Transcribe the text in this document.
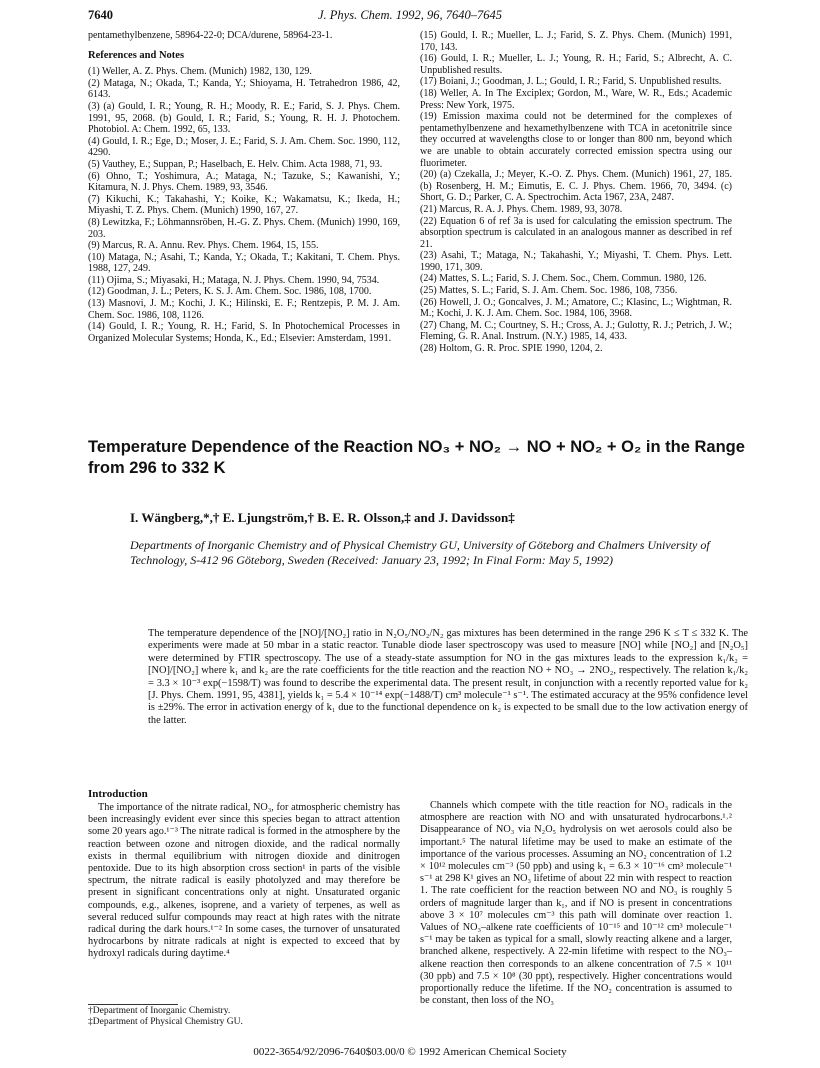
7640	J. Phys. Chem. 1992, 96, 7640–7645

pentamethylbenzene, 58964-22-0; DCA/durene, 58964-23-1.

References and Notes

(1) Weller, A. Z. Phys. Chem. (Munich) 1982, 130, 129.

(2) Mataga, N.; Okada, T.; Kanda, Y.; Shioyama, H. Tetrahedron 1986, 42, 6143.

(3) (a) Gould, I. R.; Young, R. H.; Moody, R. E.; Farid, S. J. Phys. Chem. 1991, 95, 2068. (b) Gould, I. R.; Farid, S.; Young, R. H. J. Photochem. Photobiol. A: Chem. 1992, 65, 133.

(4) Gould, I. R.; Ege, D.; Moser, J. E.; Farid, S. J. Am. Chem. Soc. 1990, 112, 4290.

(5) Vauthey, E.; Suppan, P.; Haselbach, E. Helv. Chim. Acta 1988, 71, 93.

(6) Ohno, T.; Yoshimura, A.; Mataga, N.; Tazuke, S.; Kawanishi, Y.; Kitamura, N. J. Phys. Chem. 1989, 93, 3546.

(7) Kikuchi, K.; Takahashi, Y.; Koike, K.; Wakamatsu, K.; Ikeda, H.; Miyashi, T. Z. Phys. Chem. (Munich) 1990, 167, 27.

(8) Lewitzka, F.; Löhmannsröben, H.-G. Z. Phys. Chem. (Munich) 1990, 169, 203.

(9) Marcus, R. A. Annu. Rev. Phys. Chem. 1964, 15, 155.

(10) Mataga, N.; Asahi, T.; Kanda, Y.; Okada, T.; Kakitani, T. Chem. Phys. 1988, 127, 249.

(11) Ojima, S.; Miyasaki, H.; Mataga, N. J. Phys. Chem. 1990, 94, 7534.

(12) Goodman, J. L.; Peters, K. S. J. Am. Chem. Soc. 1986, 108, 1700.

(13) Masnovi, J. M.; Kochi, J. K.; Hilinski, E. F.; Rentzepis, P. M. J. Am. Chem. Soc. 1986, 108, 1126.

(14) Gould, I. R.; Young, R. H.; Farid, S. In Photochemical Processes in Organized Molecular Systems; Honda, K., Ed.; Elsevier: Amsterdam, 1991.

(15) Gould, I. R.; Mueller, L. J.; Farid, S. Z. Phys. Chem. (Munich) 1991, 170, 143.

(16) Gould, I. R.; Mueller, L. J.; Young, R. H.; Farid, S.; Albrecht, A. C. Unpublished results.

(17) Boiani, J.; Goodman, J. L.; Gould, I. R.; Farid, S. Unpublished results.

(18) Weller, A. In The Exciplex; Gordon, M., Ware, W. R., Eds.; Academic Press: New York, 1975.

(19) Emission maxima could not be determined for the complexes of pentamethylbenzene and hexamethylbenzene with TCA in acetonitrile since they occurred at wavelengths close to or longer than 800 nm, beyond which we are unable to obtain accurately corrected emission spectra using our fluorimeter.

(20) (a) Czekalla, J.; Meyer, K.-O. Z. Phys. Chem. (Munich) 1961, 27, 185. (b) Rosenberg, H. M.; Eimutis, E. C. J. Phys. Chem. 1966, 70, 3494. (c) Short, G. D.; Parker, C. A. Spectrochim. Acta 1967, 23A, 2487.

(21) Marcus, R. A. J. Phys. Chem. 1989, 93, 3078.

(22) Equation 6 of ref 3a is used for calculating the emission spectrum. The absorption spectrum is calculated in an analogous manner as described in ref 21.

(23) Asahi, T.; Mataga, N.; Takahashi, Y.; Miyashi, T. Chem. Phys. Lett. 1990, 171, 309.

(24) Mattes, S. L.; Farid, S. J. Chem. Soc., Chem. Commun. 1980, 126.

(25) Mattes, S. L.; Farid, S. J. Am. Chem. Soc. 1986, 108, 7356.

(26) Howell, J. O.; Goncalves, J. M.; Amatore, C.; Klasinc, L.; Wightman, R. M.; Kochi, J. K. J. Am. Chem. Soc. 1984, 106, 3968.

(27) Chang, M. C.; Courtney, S. H.; Cross, A. J.; Gulotty, R. J.; Petrich, J. W.; Fleming, G. R. Anal. Instrum. (N.Y.) 1985, 14, 433.

(28) Holtom, G. R. Proc. SPIE 1990, 1204, 2.

Temperature Dependence of the Reaction NO₃ + NO₂ → NO + NO₂ + O₂ in the Range from 296 to 332 K
I. Wängberg,*,† E. Ljungström,† B. E. R. Olsson,‡ and J. Davidsson‡
Departments of Inorganic Chemistry and of Physical Chemistry GU, University of Göteborg and Chalmers University of Technology, S-412 96 Göteborg, Sweden (Received: January 23, 1992; In Final Form: May 5, 1992)
The temperature dependence of the [NO]/[NO₂] ratio in N₂O₅/NO₂/N₂ gas mixtures has been determined in the range 296 K ≤ T ≤ 332 K. The experiments were made at 50 mbar in a static reactor. Tunable diode laser spectroscopy was used to measure [NO] while [NO₂] and [N₂O₅] were determined by FTIR spectroscopy. The use of a steady-state assumption for NO in the gas mixtures leads to the expression k₁/k₂ = [NO]/[NO₂] where k₁ and k₂ are the rate coefficients for the title reaction and the reaction NO + NO₃ → 2NO₂, respectively. The relation k₁/k₂ = 3.3 × 10⁻³ exp(−1598/T) was found to describe the experimental data. The present result, in conjunction with a recently reported value for k₂ [J. Phys. Chem. 1991, 95, 4381], yields k₁ = 5.4 × 10⁻¹⁴ exp(−1488/T) cm³ molecule⁻¹ s⁻¹. The estimated accuracy at the 95% confidence level is ±29%. The error in activation energy of k₁ due to the functional dependence on k₂ is expected to be small due to the low activation energy of the latter.
Introduction

The importance of the nitrate radical, NO₃, for atmospheric chemistry has been increasingly evident ever since this species began to attract attention some 20 years ago.¹⁻³ The nitrate radical is formed in the atmosphere by the reaction between ozone and nitrogen dioxide, and the radical normally exists in thermal equilibrium with nitrogen dioxide and dinitrogen pentoxide. Due to its high absorption cross section¹ in parts of the visible spectrum, the nitrate radical is easily photolyzed and may therefore be present in significant concentrations only at night. Unsaturated organic compounds, e.g., alkenes, isoprene, and a variety of terpenes, as well as several reduced sulfur compounds may react at high rates with the nitrate radical during the dark hours.¹⁻² In some cases, the turnover of unsaturated hydrocarbons by nitrate radicals at night is expected to exceed that by hydroxyl radicals during daytime.⁴

†Department of Inorganic Chemistry.
‡Department of Physical Chemistry GU.

Channels which compete with the title reaction for NO₃ radicals in the atmosphere are reaction with NO and with unsaturated hydrocarbons.¹˒² Disappearance of NO₃ via N₂O₅ hydrolysis on wet aerosols could also be important.⁵ The natural lifetime may be used to make an estimate of the importance of the various processes. Assuming an NO₂ concentration of 1.2 × 10¹² molecules cm⁻³ (50 ppb) and using k₁ = 6.3 × 10⁻¹⁶ cm³ molecule⁻¹ s⁻¹ at 298 K¹ gives an NO₃ lifetime of about 22 min with respect to reaction 1. The rate coefficient for the reaction between NO and NO₃ is roughly 5 orders of magnitude larger than k₁, and if NO is present in concentrations above 3 × 10⁷ molecules cm⁻³ this path will dominate over reaction 1. Values of NO₃–alkene rate coefficients of 10⁻¹⁵ and 10⁻¹² cm³ molecule⁻¹ s⁻¹ may be taken as typical for a small, slowly reacting alkene and a larger, branched alkene, respectively. A 22-min lifetime with respect to the NO₃–alkene reaction then corresponds to an alkene concentration of 7.5 × 10¹¹ (30 ppb) and 7.5 × 10⁸ (30 ppt), respectively. Higher concentrations would proportionally reduce the lifetime. If the NO₂ concentration is assumed to be constant, then loss of the NO₃

0022-3654/92/2096-7640$03.00/0 © 1992 American Chemical Society
